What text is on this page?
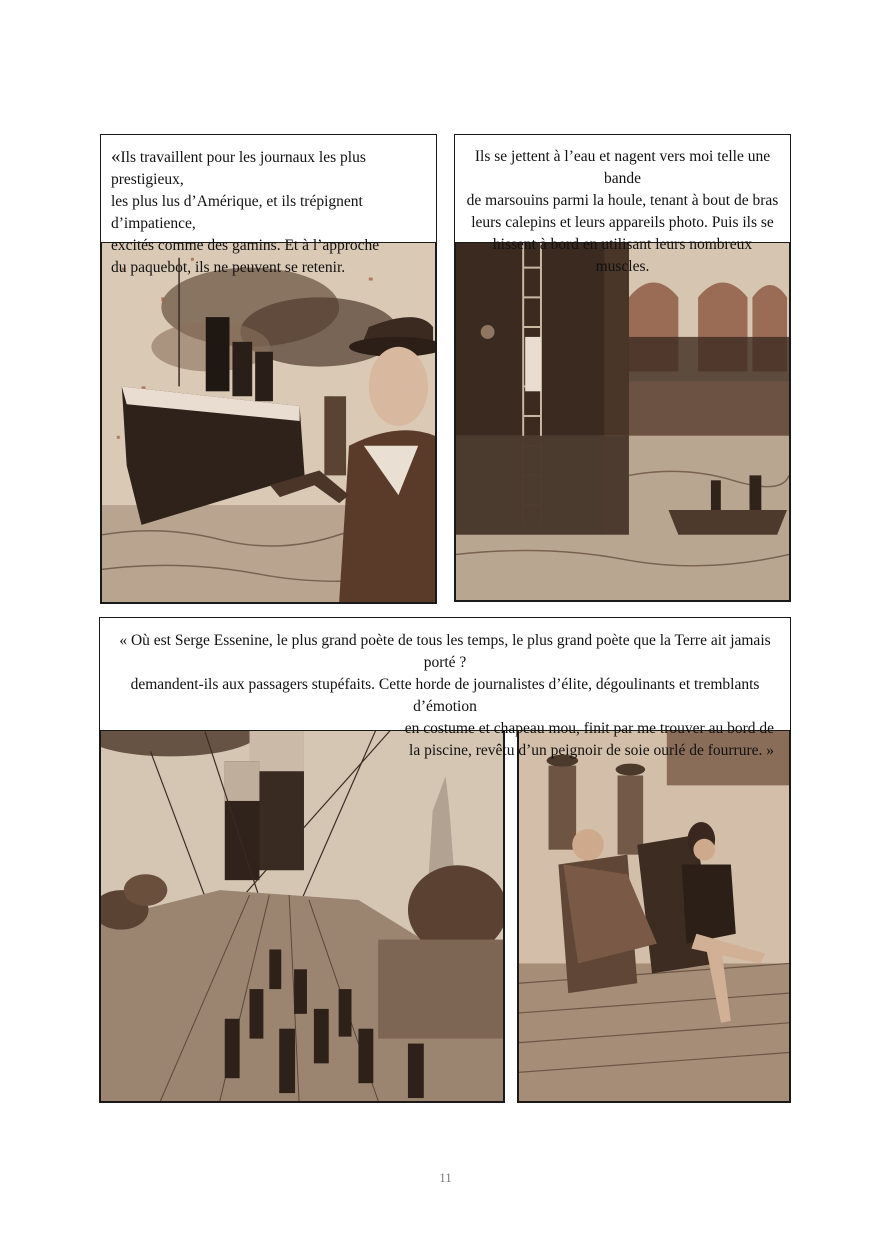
«Ils travaillent pour les journaux les plus prestigieux,

les plus lus d’Amérique, et ils trépignent d’impatience,

excités comme des gamins. Et à l’approche

du paquebot, ils ne peuvent se retenir.

Ils se jettent à l’eau et nagent vers moi telle une bande

de marsouins parmi la houle, tenant à bout de bras

leurs calepins et leurs appareils photo. Puis ils se

hissent à bord en utilisant leurs nombreux muscles.

« Où est Serge Essenine, le plus grand poète de tous les temps, le plus grand poète que la Terre ait jamais porté ?

demandent-ils aux passagers stupéfaits. Cette horde de journalistes d’élite, dégoulinants et tremblants d’émotion

en costume et chapeau mou, finit par me trouver au bord de

la piscine, revêtu d’un peignoir de soie ourlé de fourrure. »

11
